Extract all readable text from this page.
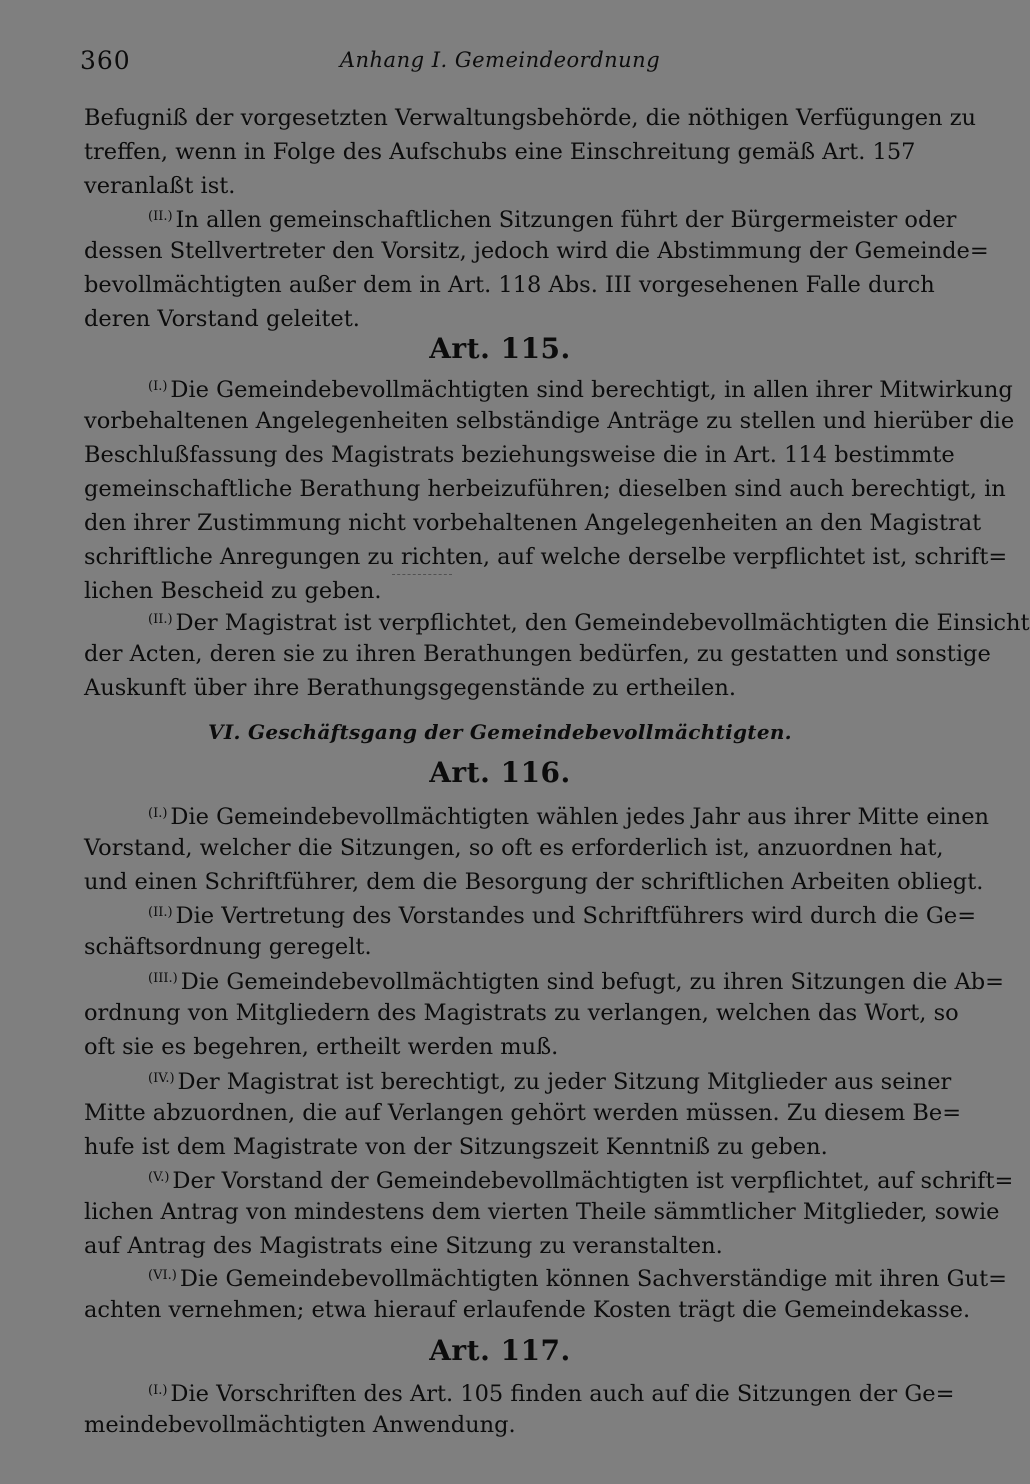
360	Anhang I. Gemeindeordnung
Befugniß der vorgesetzten Verwaltungsbehörde, die nöthigen Verfügungen zu
treffen, wenn in Folge des Aufschubs eine Einschreitung gemäß Art. 157
veranlaßt ist.
$^{(II.)}$ In allen gemeinschaftlichen Sitzungen führt der Bürgermeister oder
dessen Stellvertreter den Vorsitz, jedoch wird die Abstimmung der Gemeinde=
bevollmächtigten außer dem in Art. 118 Abs. III vorgesehenen Falle durch
deren Vorstand geleitet.
Art. 115.
$^{(I.)}$ Die Gemeindebevollmächtigten sind berechtigt, in allen ihrer Mitwirkung
vorbehaltenen Angelegenheiten selbständige Anträge zu stellen und hierüber die
Beschlußfassung des Magistrats beziehungsweise die in Art. 114 bestimmte
gemeinschaftliche Berathung herbeizuführen; dieselben sind auch berechtigt, in
den ihrer Zustimmung nicht vorbehaltenen Angelegenheiten an den Magistrat
schriftliche Anregungen zu richten, auf welche derselbe verpflichtet ist, schrift=
lichen Bescheid zu geben.
$^{(II.)}$ Der Magistrat ist verpflichtet, den Gemeindebevollmächtigten die Einsicht
der Acten, deren sie zu ihren Berathungen bedürfen, zu gestatten und sonstige
Auskunft über ihre Berathungsgegenstände zu ertheilen.
VI. Geschäftsgang der Gemeindebevollmächtigten.
Art. 116.
$^{(I.)}$ Die Gemeindebevollmächtigten wählen jedes Jahr aus ihrer Mitte einen
Vorstand, welcher die Sitzungen, so oft es erforderlich ist, anzuordnen hat,
und einen Schriftführer, dem die Besorgung der schriftlichen Arbeiten obliegt.
$^{(II.)}$ Die Vertretung des Vorstandes und Schriftführers wird durch die Ge=
schäftsordnung geregelt.
$^{(III.)}$ Die Gemeindebevollmächtigten sind befugt, zu ihren Sitzungen die Ab=
ordnung von Mitgliedern des Magistrats zu verlangen, welchen das Wort, so
oft sie es begehren, ertheilt werden muß.
$^{(IV.)}$ Der Magistrat ist berechtigt, zu jeder Sitzung Mitglieder aus seiner
Mitte abzuordnen, die auf Verlangen gehört werden müssen. Zu diesem Be=
hufe ist dem Magistrate von der Sitzungszeit Kenntniß zu geben.
$^{(V.)}$ Der Vorstand der Gemeindebevollmächtigten ist verpflichtet, auf schrift=
lichen Antrag von mindestens dem vierten Theile sämmtlicher Mitglieder, sowie
auf Antrag des Magistrats eine Sitzung zu veranstalten.
$^{(VI.)}$ Die Gemeindebevollmächtigten können Sachverständige mit ihren Gut=
achten vernehmen; etwa hierauf erlaufende Kosten trägt die Gemeindekasse.
Art. 117.
$^{(I.)}$ Die Vorschriften des Art. 105 finden auch auf die Sitzungen der Ge=
meindebevollmächtigten Anwendung.
